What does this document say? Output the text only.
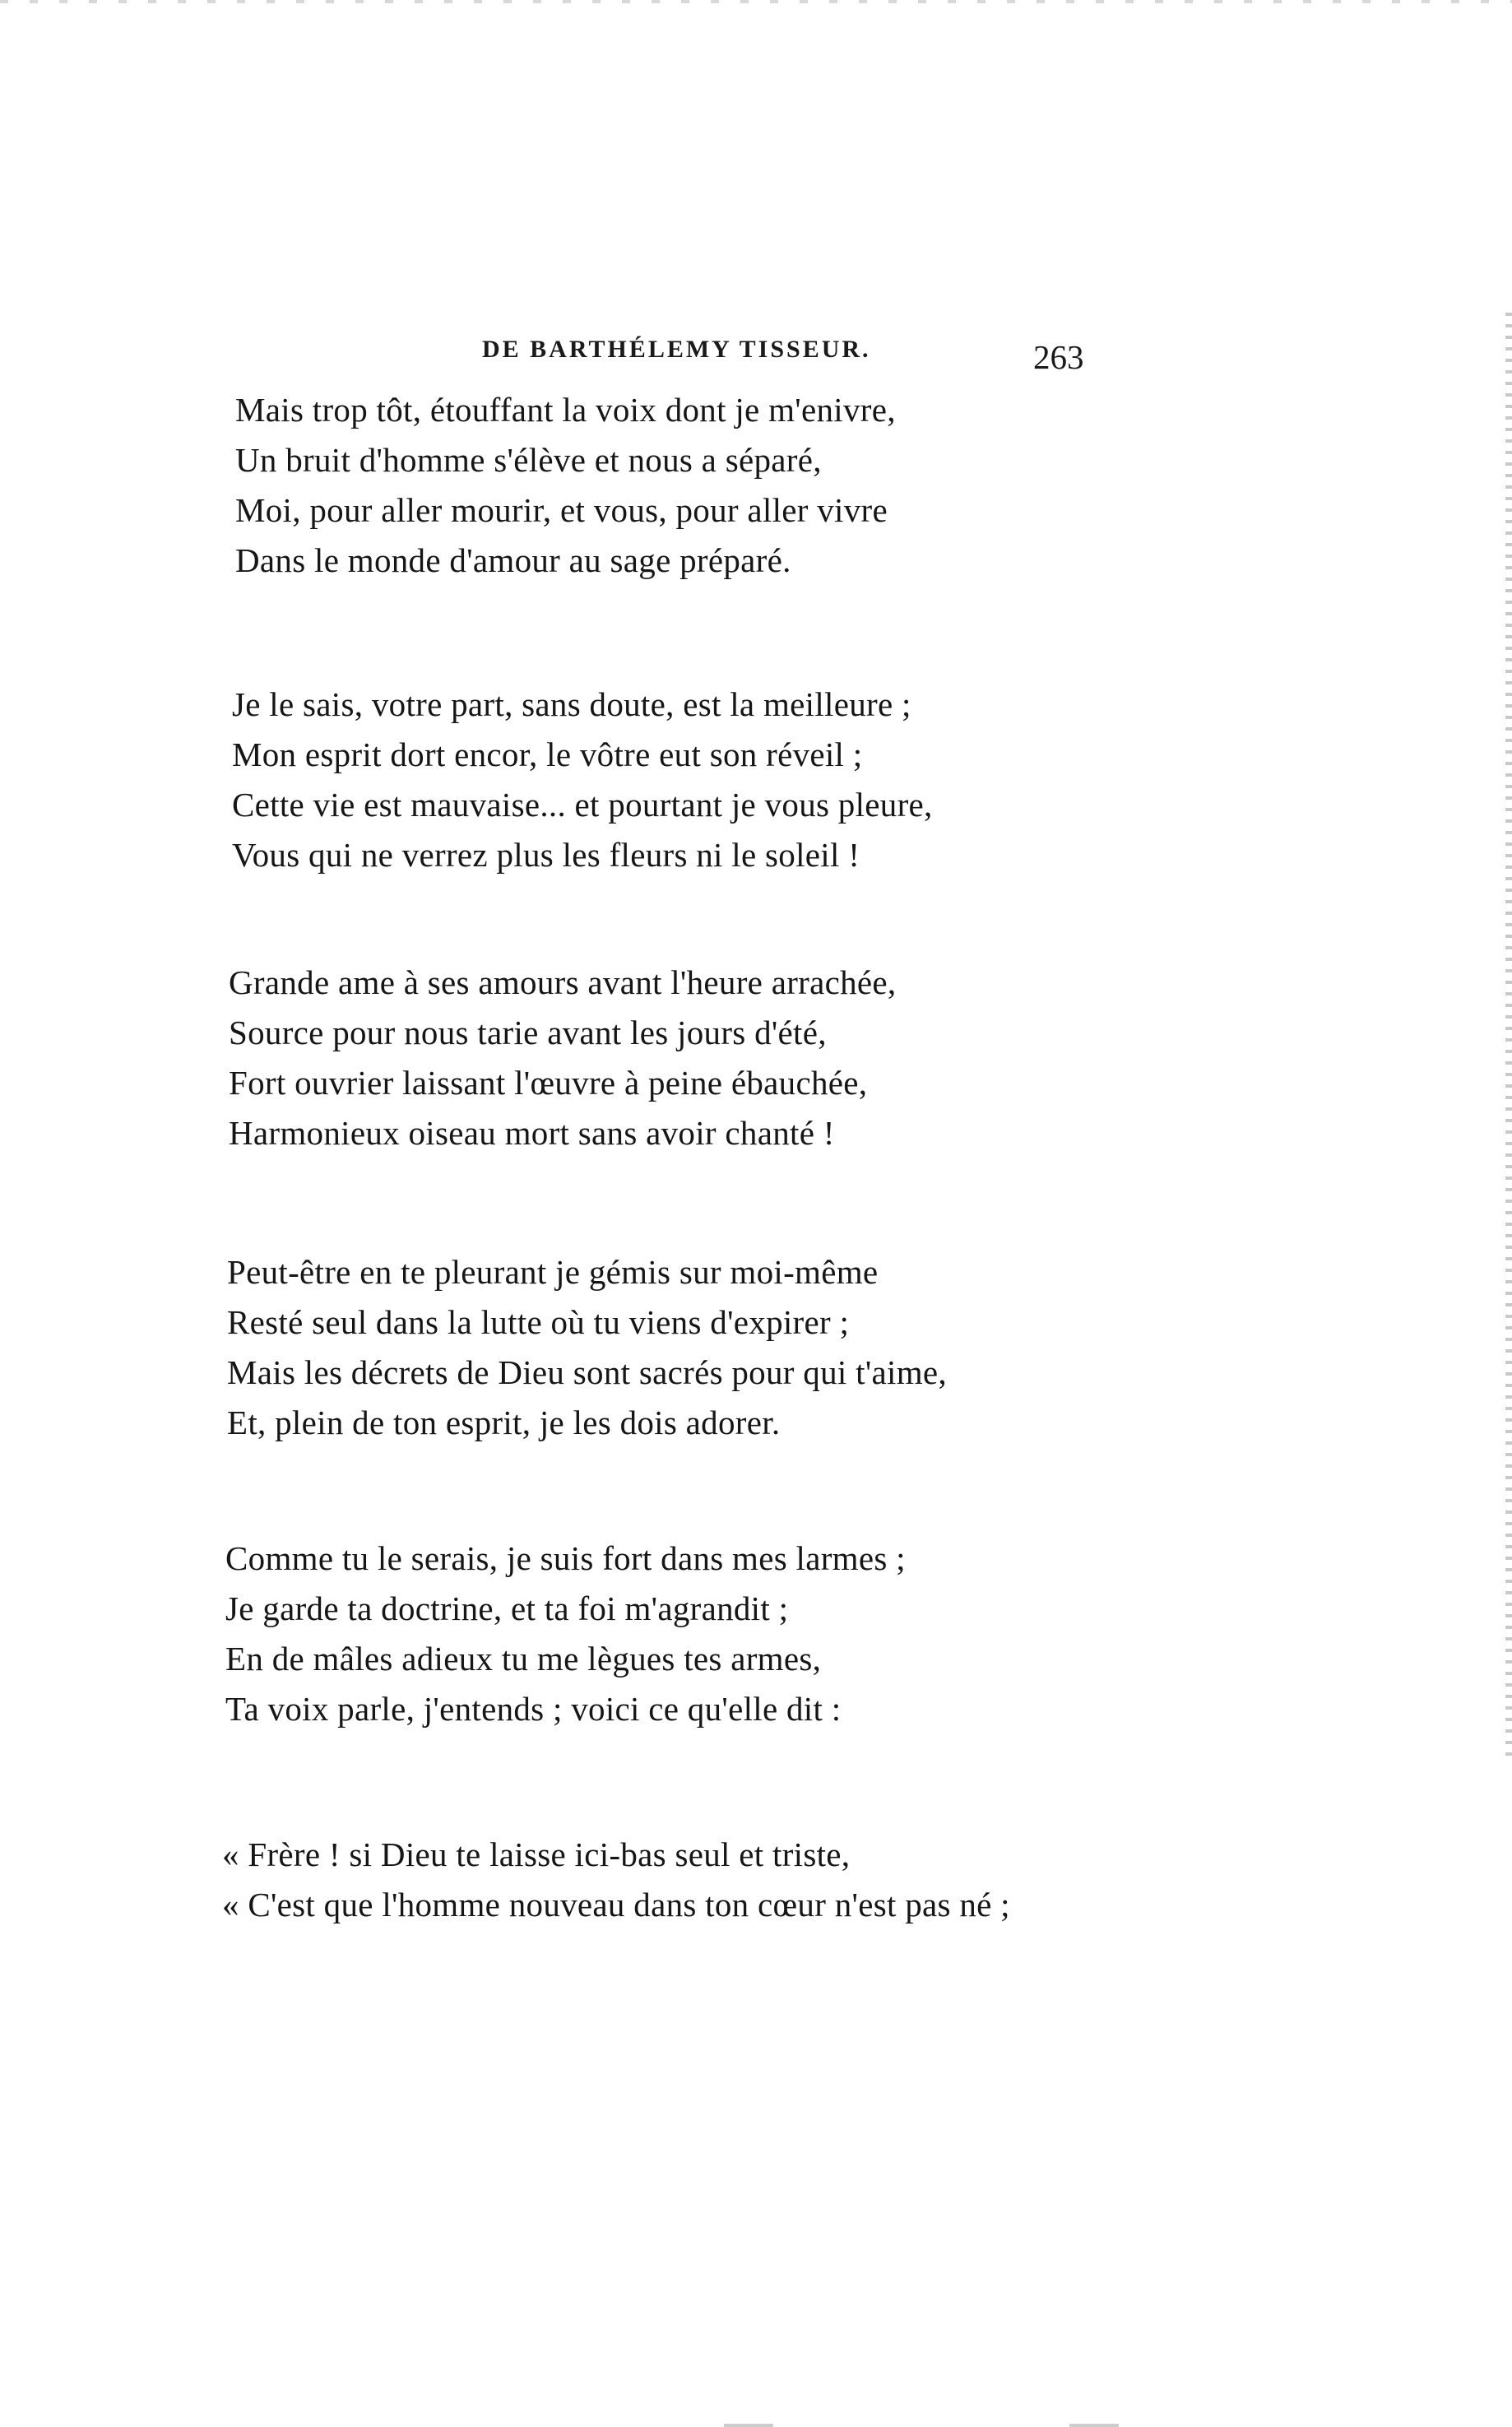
DE BARTHÉLEMY TISSEUR.	263
Mais trop tôt, étouffant la voix dont je m'enivre,
Un bruit d'homme s'élève et nous a séparé,
Moi, pour aller mourir, et vous, pour aller vivre
Dans le monde d'amour au sage préparé.
Je le sais, votre part, sans doute, est la meilleure ;
Mon esprit dort encor, le vôtre eut son réveil ;
Cette vie est mauvaise... et pourtant je vous pleure,
Vous qui ne verrez plus les fleurs ni le soleil !
Grande ame à ses amours avant l'heure arrachée,
Source pour nous tarie avant les jours d'été,
Fort ouvrier laissant l'œuvre à peine ébauchée,
Harmonieux oiseau mort sans avoir chanté !
Peut-être en te pleurant je gémis sur moi-même
Resté seul dans la lutte où tu viens d'expirer ;
Mais les décrets de Dieu sont sacrés pour qui t'aime,
Et, plein de ton esprit, je les dois adorer.
Comme tu le serais, je suis fort dans mes larmes ;
Je garde ta doctrine, et ta foi m'agrandit ;
En de mâles adieux tu me lègues tes armes,
Ta voix parle, j'entends ; voici ce qu'elle dit :
« Frère ! si Dieu te laisse ici-bas seul et triste,
« C'est que l'homme nouveau dans ton cœur n'est pas né ;
